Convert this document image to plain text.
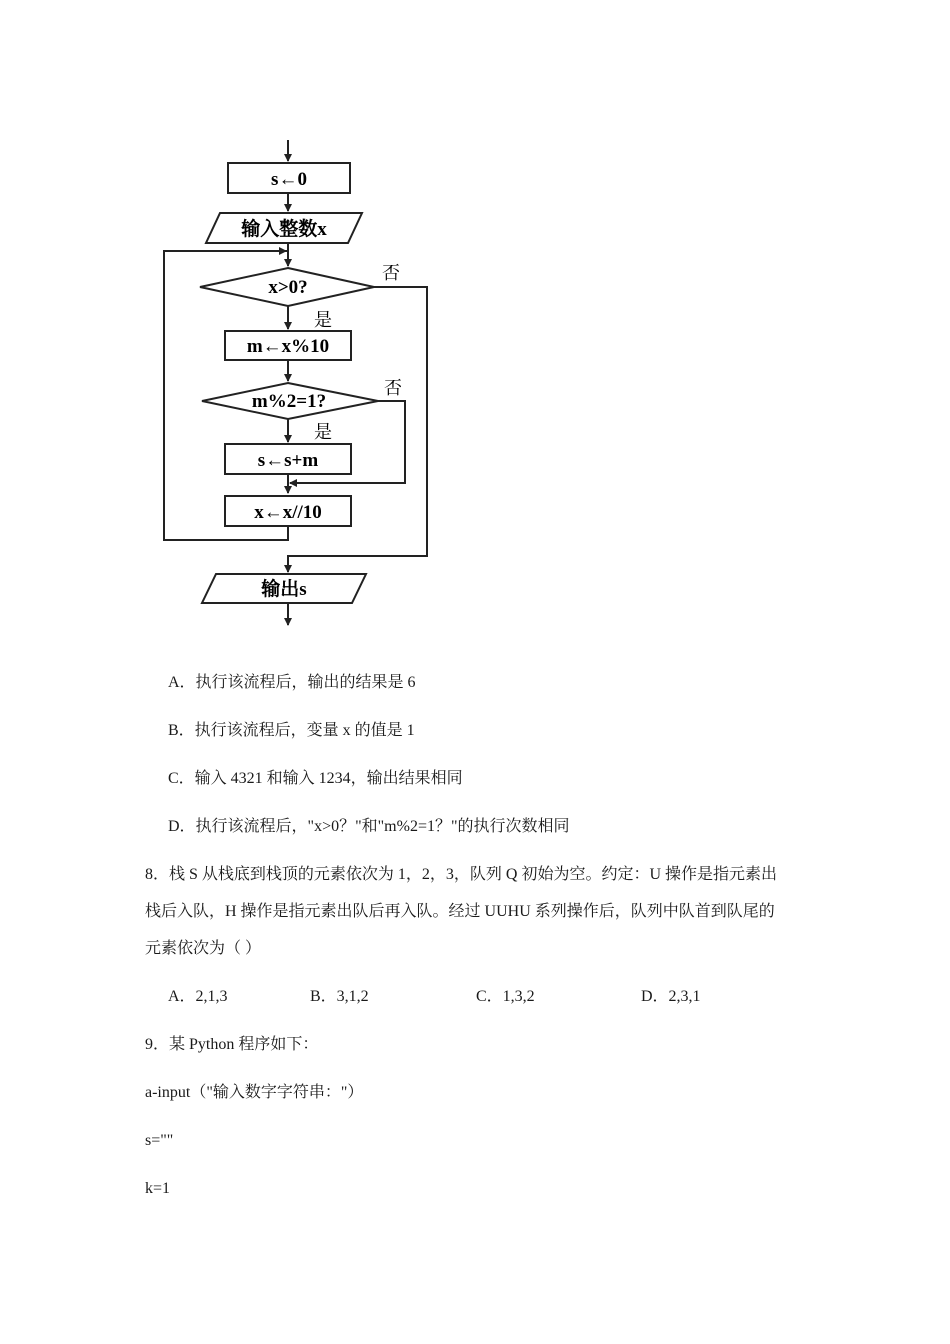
s←0
输入整数x
x>0?
m←x%10
m%2=1?
s←s+m
x←x//10
输出s
是
否
是
否
A．执行该流程后，输出的结果是 6
B．执行该流程后，变量 x 的值是 1
C．输入 4321 和输入 1234，输出结果相同
D．执行该流程后，"x>0？"和"m%2=1？"的执行次数相同
8．栈 S 从栈底到栈顶的元素依次为 1，2，3，队列 Q 初始为空。约定：U 操作是指元素出
栈后入队，H 操作是指元素出队后再入队。经过 UUHU 系列操作后，队列中队首到队尾的
元素依次为（ ）
A．2,1,3	B．3,1,2	C．1,3,2	D．2,3,1
9．某 Python 程序如下：
a-input（"输入数字字符串："）
s=""
k=1
